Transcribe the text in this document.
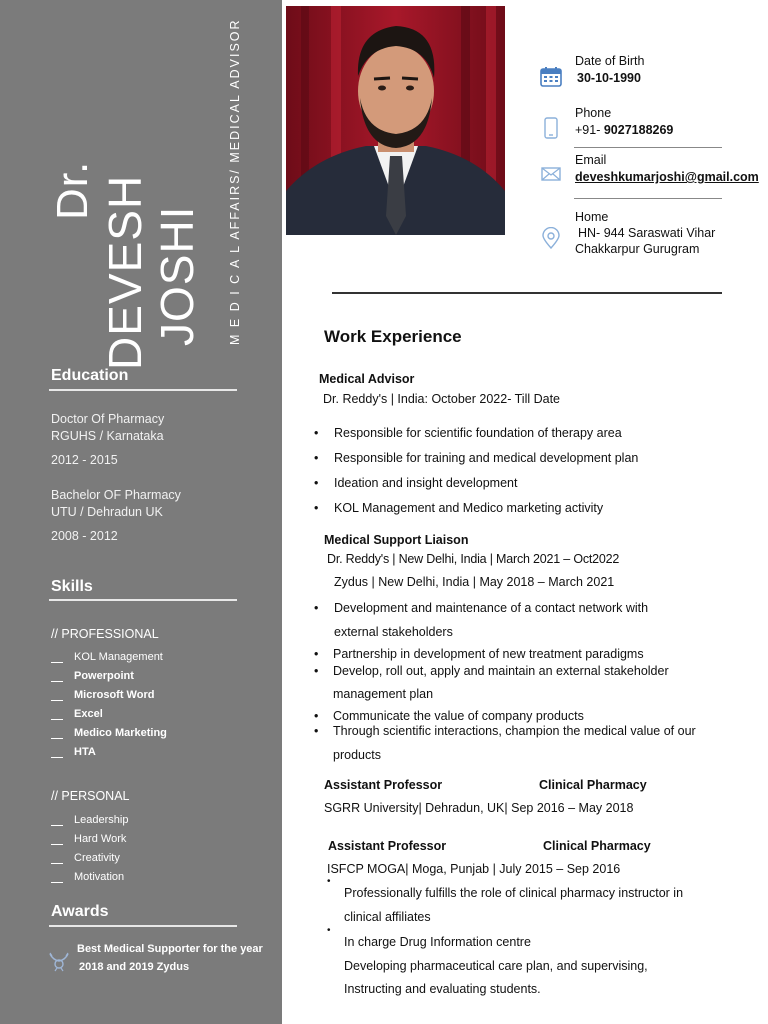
Dr. DEVESH JOSHI M E D I C A L AFFAIRS/ MEDICAL ADVISOR
Education
Doctor Of Pharmacy
RGUHS / Karnataka
2012 - 2015
Bachelor OF Pharmacy
UTU / Dehradun UK
2008 - 2012
Skills
// PROFESSIONAL
KOL Management
Powerpoint
Microsoft Word
Excel
Medico Marketing
HTA
// PERSONAL
Leadership
Hard Work
Creativity
Motivation
Awards
Best Medical Supporter for the year
2018 and 2019 Zydus
Date of Birth
30-10-1990
Phone
+91- 9027188269
Email
deveshkumarjoshi@gmail.com
Home
HN- 944 Saraswati Vihar
Chakkarpur Gurugram
Work Experience
Medical Advisor
Dr. Reddy's | India: October 2022- Till Date
• Responsible for scientific foundation of therapy area
• Responsible for training and medical development plan
• Ideation and insight development
• KOL Management and Medico marketing activity
Medical Support Liaison
Dr. Reddy's | New Delhi, India | March 2021 – Oct2022
Zydus | New Delhi, India | May 2018 – March 2021
• Development and maintenance of a contact network with
external stakeholders
• Partnership in development of new treatment paradigms
• Develop, roll out, apply and maintain an external stakeholder
management plan
• Communicate the value of company products
• Through scientific interactions, champion the medical value of our
products
Assistant Professor	Clinical Pharmacy
SGRR University| Dehradun, UK| Sep 2016 – May 2018
Assistant Professor	Clinical Pharmacy
ISFCP MOGA| Moga, Punjab | July 2015 – Sep 2016
•
Professionally fulfills the role of clinical pharmacy instructor in
clinical affiliates
•
In charge Drug Information centre
Developing pharmaceutical care plan, and supervising,
Instructing and evaluating students.
